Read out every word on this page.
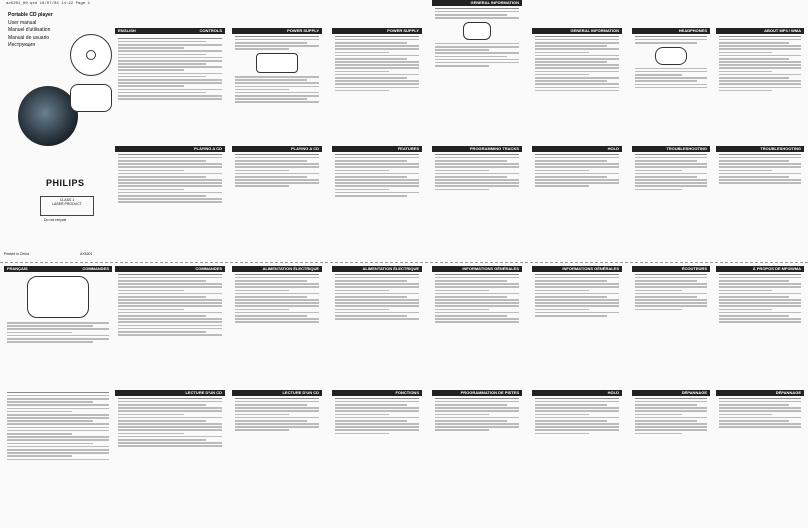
ax5201_00.qxd 10/07/04 14:22 Page 1
Portable CD player
User manual
Manuel d'utilisation
Manual de usuario
Инструкция
PHILIPS
CLASS 1
LASER PRODUCT
Do not recycle
Printed in China	AX5201
ENGLISH	CONTROLS	POWER SUPPLY	POWER SUPPLY
GENERAL INFORMATION
GENERAL INFORMATION	HEADPHONES	ABOUT MP3 / WMA
PLAYING A CD	PLAYING A CD	FEATURES	PROGRAMMING TRACKS	HOLD	TROUBLESHOOTING	TROUBLESHOOTING
FRANÇAIS	COMMANDES	COMMANDES	ALIMENTATION ÉLECTRIQUE	ALIMENTATION ÉLECTRIQUE	INFORMATIONS GÉNÉRALES	INFORMATIONS GÉNÉRALES	ÉCOUTEURS	À PROPOS DE MP3/WMA
LECTURE D'UN CD	LECTURE D'UN CD	FONCTIONS	PROGRAMMATION DE PISTES	HOLD	DÉPANNAGE	DÉPANNAGE
